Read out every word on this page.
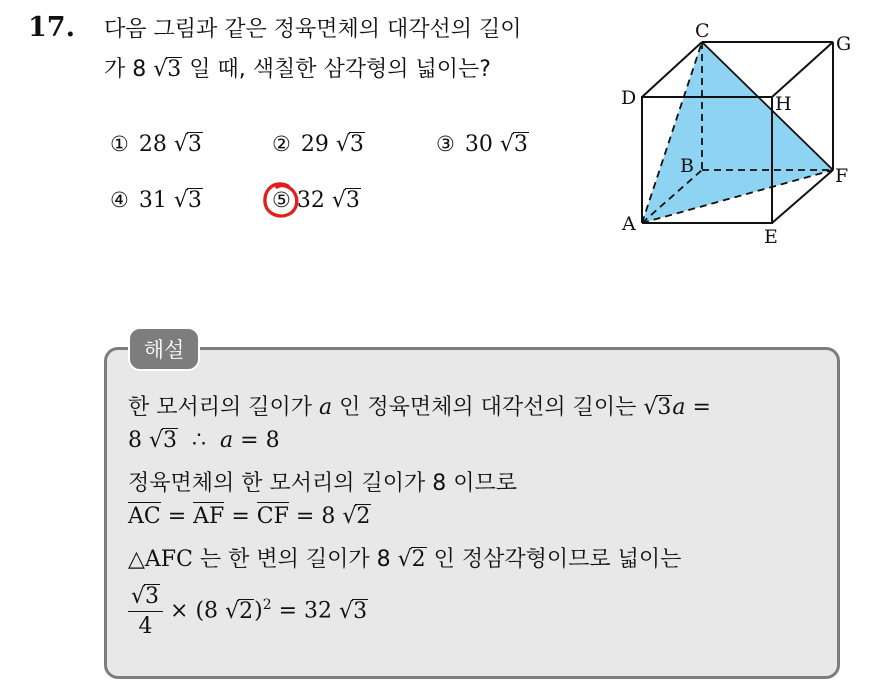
17. 다음 그림과 같은 정육면체의 대각선의 길이
가 8 √3 일 때, 색칠한 삼각형의 넓이는?
① 28 √3	② 29 √3	③ 30 √3
④ 31 √3	⑤ 32 √3
C
G
D	H
B	F
A
E
해설
한 모서리의 길이가 a 인 정육면체의 대각선의 길이는 √3a =
8 √3 ∴ a = 8
정육면체의 한 모서리의 길이가 8 이므로
AC = AF = CF = 8 √2
△AFC 는 한 변의 길이가 8 √2 인 정삼각형이므로 넓이는
$\frac{√3}{4} \times (8$ √2)$^2$ = 32 √3
